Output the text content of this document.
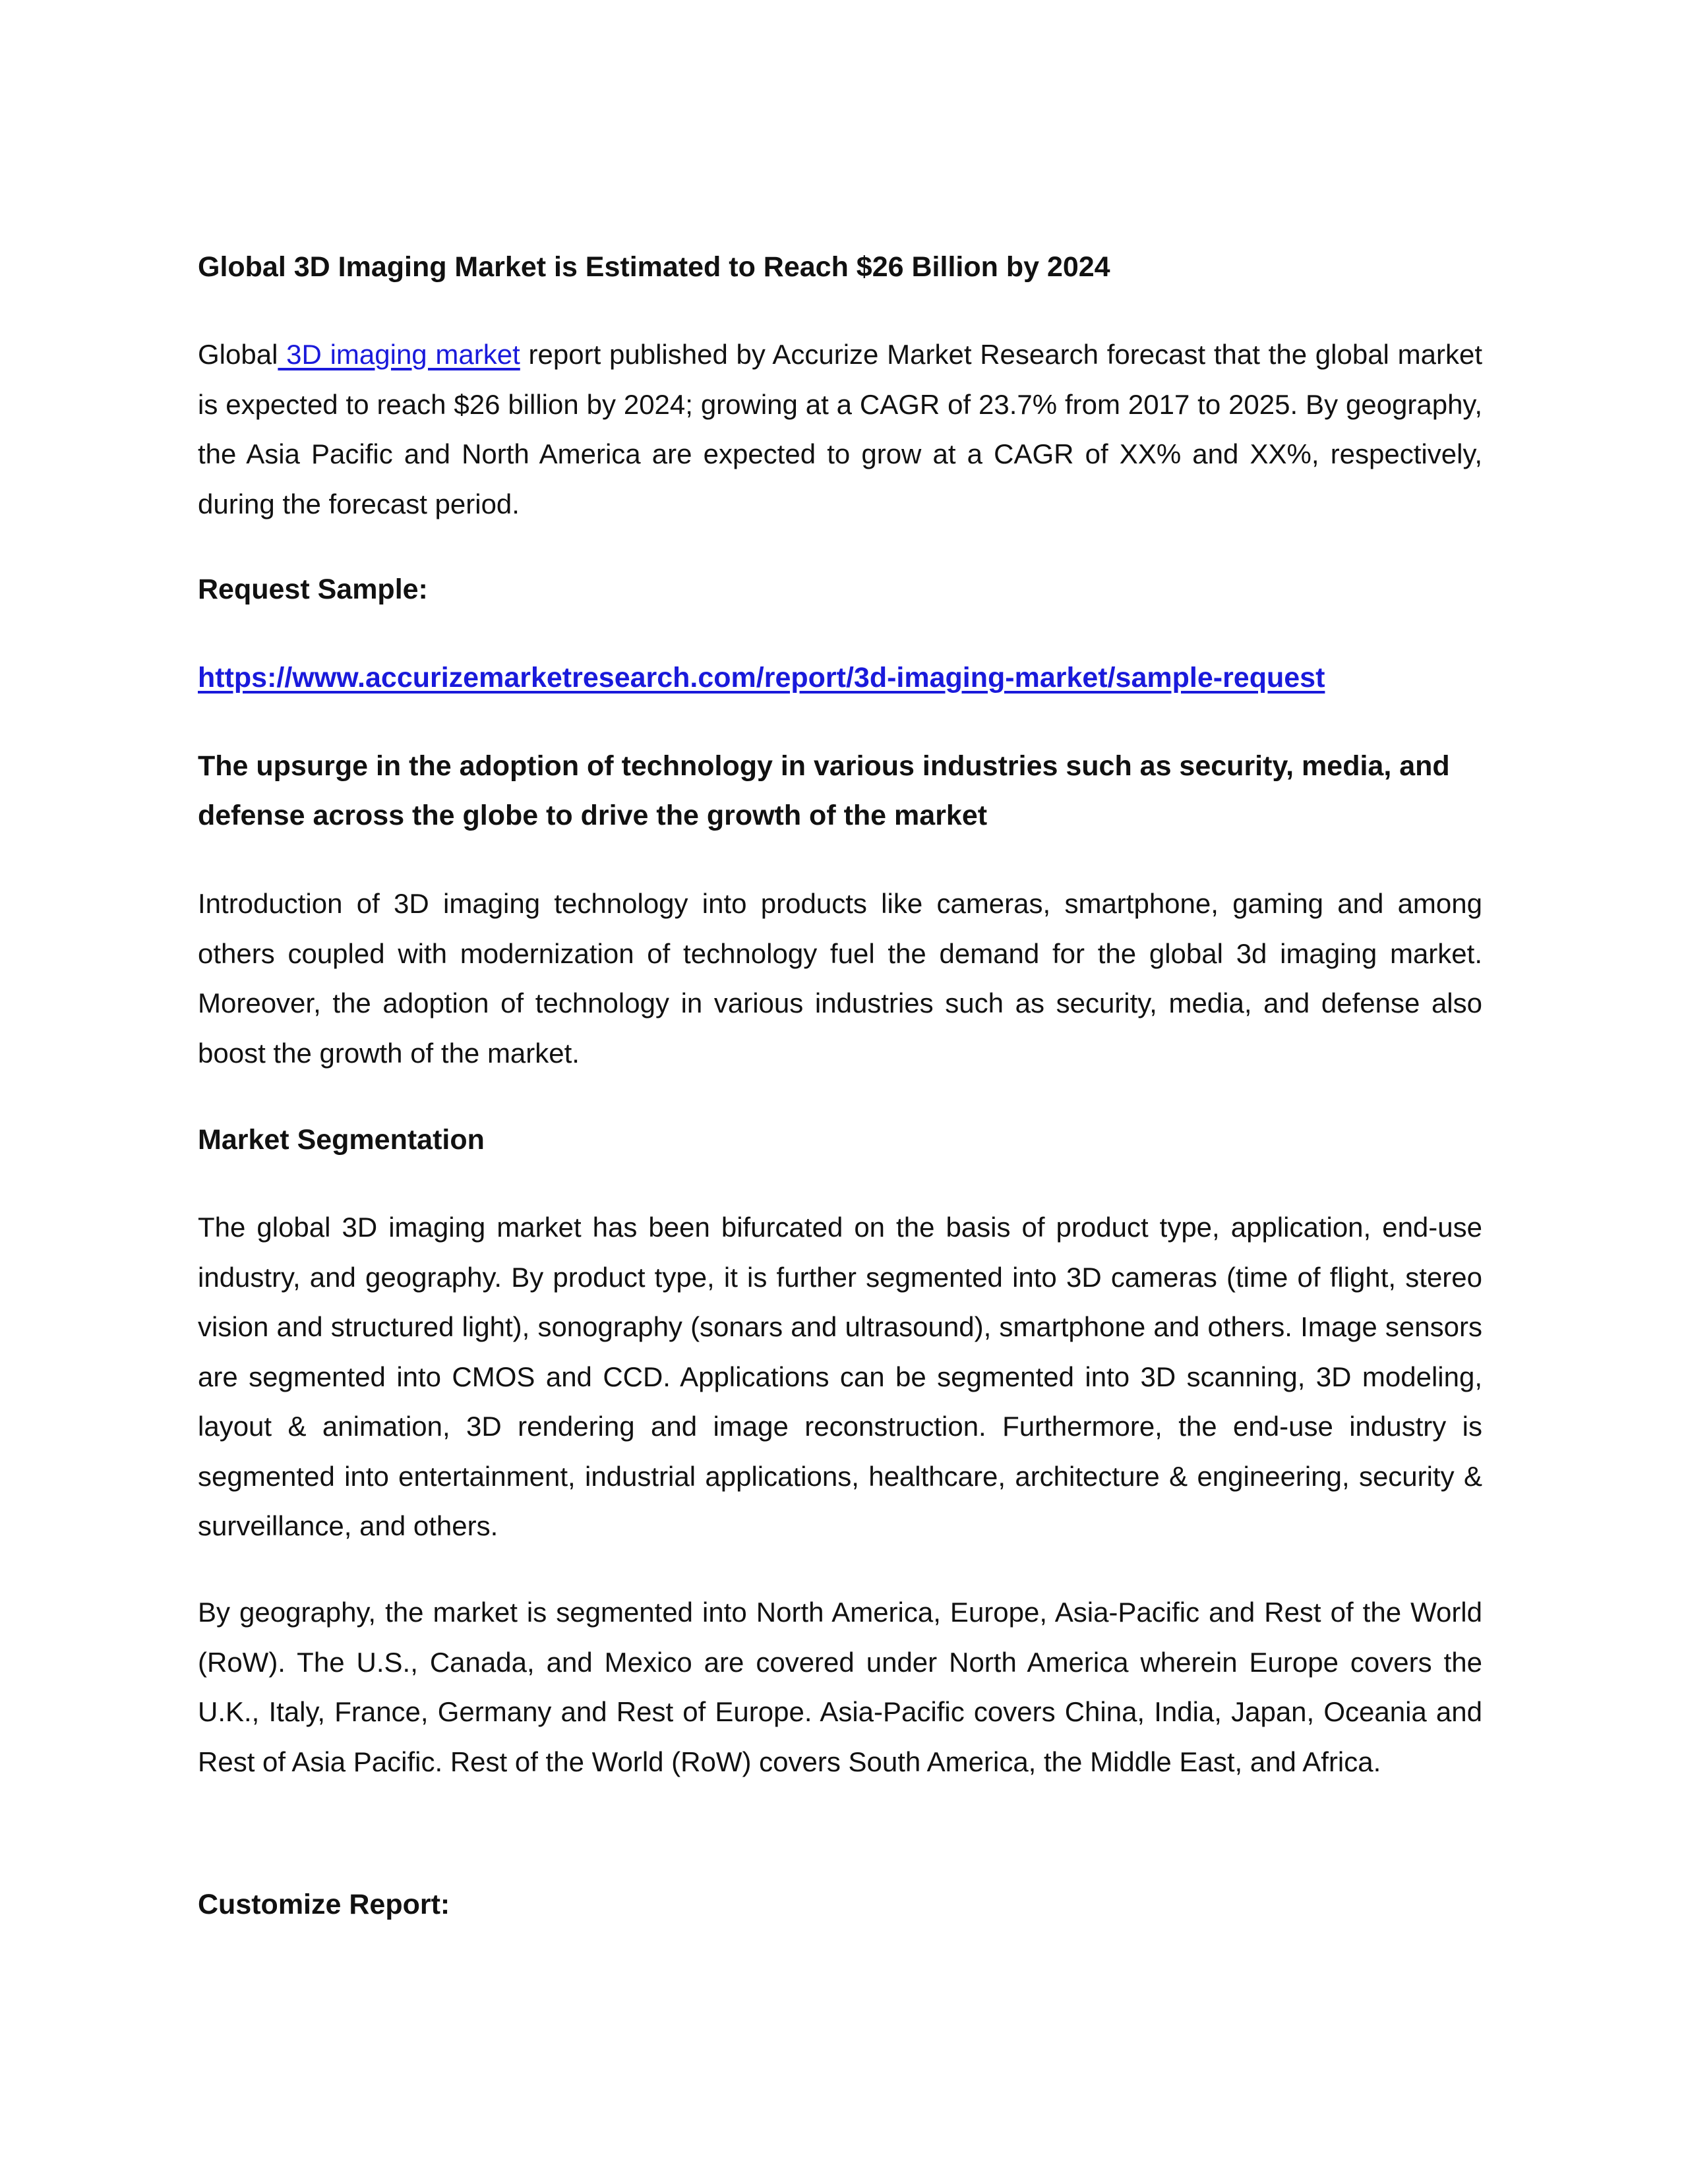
Global 3D Imaging Market is Estimated to Reach $26 Billion by 2024

Global 3D imaging market report published by Accurize Market Research forecast that the global market is expected to reach $26 billion by 2024; growing at a CAGR of 23.7% from 2017 to 2025. By geography, the Asia Pacific and North America are expected to grow at a CAGR of XX% and XX%, respectively, during the forecast period.

Request Sample:

https://www.accurizemarketresearch.com/report/3d-imaging-market/sample-request

The upsurge in the adoption of technology in various industries such as security, media, and defense across the globe to drive the growth of the market

Introduction of 3D imaging technology into products like cameras, smartphone, gaming and among others coupled with modernization of technology fuel the demand for the global 3d imaging market. Moreover, the adoption of technology in various industries such as security, media, and defense also boost the growth of the market.

Market Segmentation

The global 3D imaging market has been bifurcated on the basis of product type, application, end-use industry, and geography. By product type, it is further segmented into 3D cameras (time of flight, stereo vision and structured light), sonography (sonars and ultrasound), smartphone and others. Image sensors are segmented into CMOS and CCD. Applications can be segmented into 3D scanning, 3D modeling, layout & animation, 3D rendering and image reconstruction. Furthermore, the end-use industry is segmented into entertainment, industrial applications, healthcare, architecture & engineering, security & surveillance, and others.

By geography, the market is segmented into North America, Europe, Asia-Pacific and Rest of the World (RoW). The U.S., Canada, and Mexico are covered under North America wherein Europe covers the U.K., Italy, France, Germany and Rest of Europe. Asia-Pacific covers China, India, Japan, Oceania and Rest of Asia Pacific. Rest of the World (RoW) covers South America, the Middle East, and Africa.

Customize Report:
